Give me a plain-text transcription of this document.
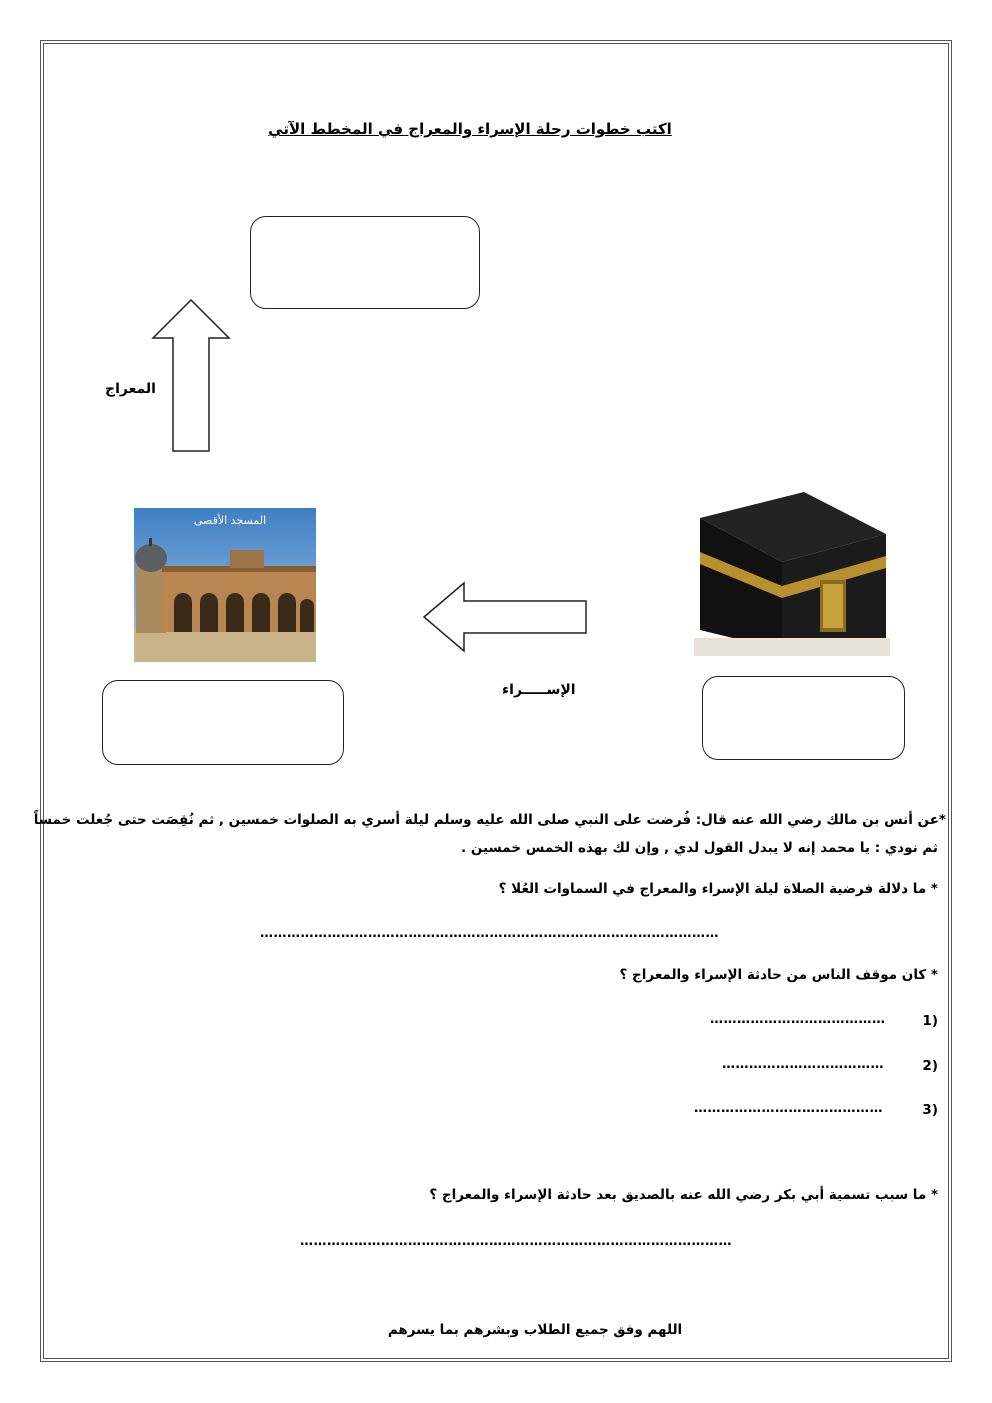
اكتب خطوات رحلة الإسراء والمعراج في المخطط الآتي
المعراج
المسجد الأقصى
الإســـــراء
*عن أنس بن مالك رضي الله عنه قال: فُرضت على النبي صلى الله عليه وسلم ليلة أسري به الصلوات خمسين , ثم نُقِصَت حتى جُعلت خمساً
ثم نودي : يا محمد إنه لا يبدل القول لدي , وإن لك بهذه الخمس خمسين .
* ما دلالة فرضية الصلاة ليلة الإسراء والمعراج في السماوات العُلا ؟
…………………………………………………………………………………………
* كان موقف الناس من حادثة الإسراء والمعراج ؟
1)
…………………………………
2)
………………………………
3)
……………………………………
* ما سبب تسمية أبي بكر رضي الله عنه بالصديق بعد حادثة الإسراء والمعراج ؟
……………………………………………………………………………………
اللهم وفق جميع الطلاب وبشرهم بما يسرهم
